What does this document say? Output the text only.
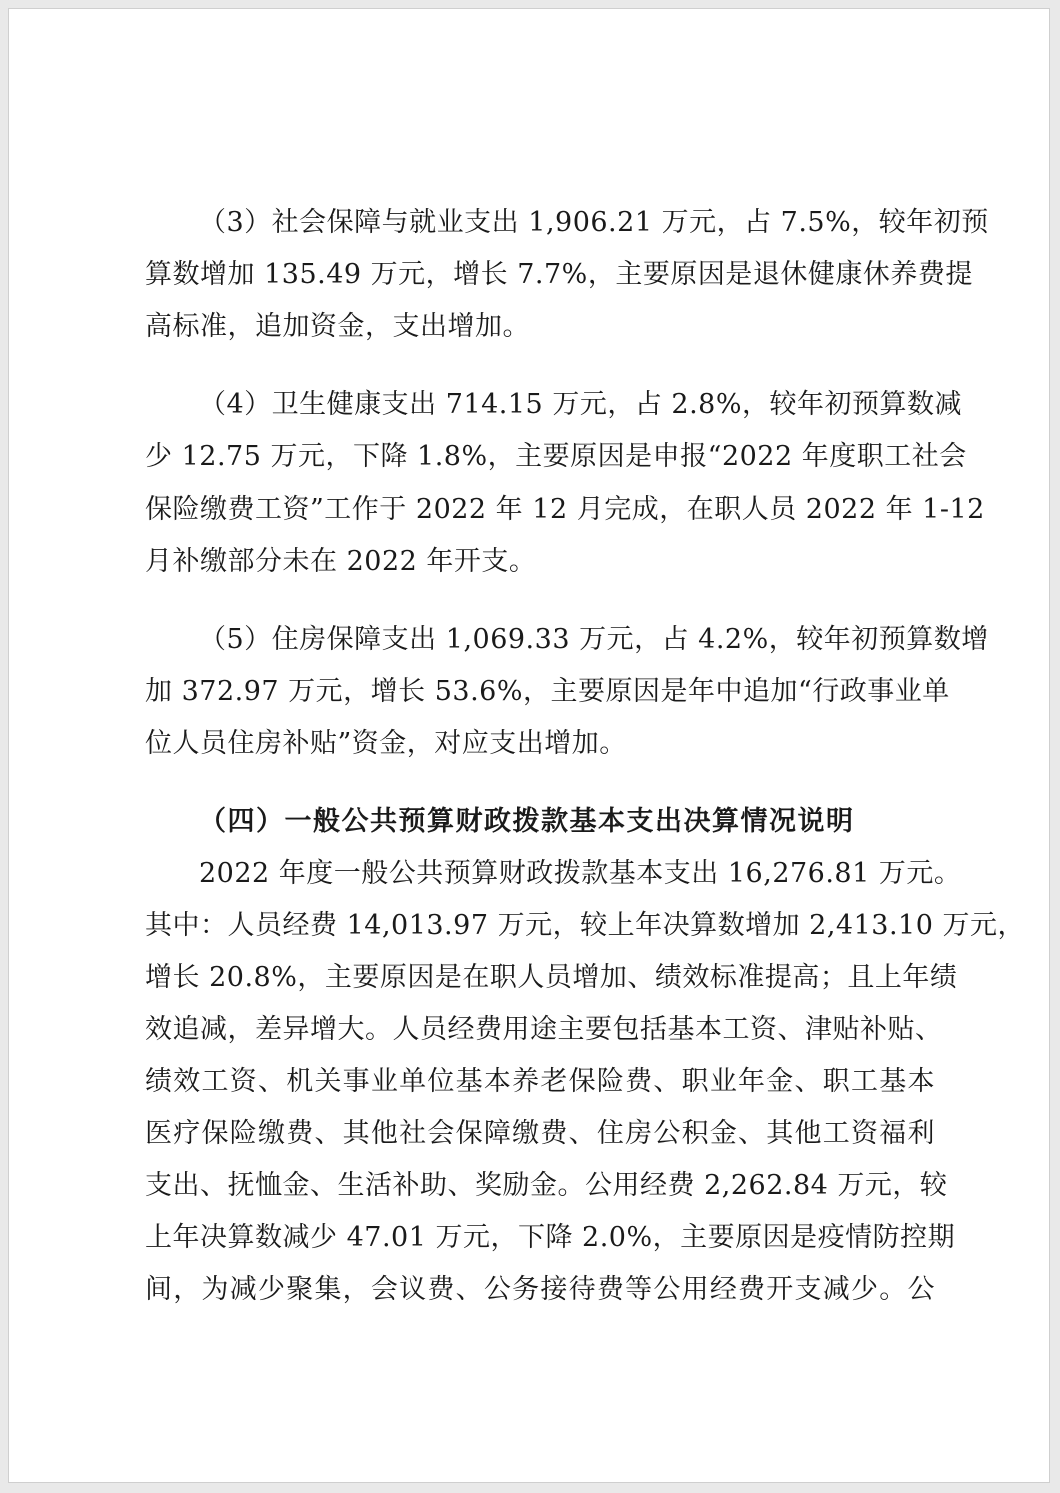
（3）社会保障与就业支出 1,906.21 万元，占 7.5%，较年初预
算数增加 135.49 万元，增长 7.7%，主要原因是退休健康休养费提
高标准，追加资金，支出增加。
（4）卫生健康支出 714.15 万元，占 2.8%，较年初预算数减
少 12.75 万元，下降 1.8%，主要原因是申报“2022 年度职工社会
保险缴费工资”工作于 2022 年 12 月完成，在职人员 2022 年 1-12
月补缴部分未在 2022 年开支。
（5）住房保障支出 1,069.33 万元，占 4.2%，较年初预算数增
加 372.97 万元，增长 53.6%，主要原因是年中追加“行政事业单
位人员住房补贴”资金，对应支出增加。
（四）一般公共预算财政拨款基本支出决算情况说明
2022 年度一般公共预算财政拨款基本支出 16,276.81 万元。
其中：人员经费 14,013.97 万元，较上年决算数增加 2,413.10 万元，
增长 20.8%，主要原因是在职人员增加、绩效标准提高；且上年绩
效追减，差异增大。人员经费用途主要包括基本工资、津贴补贴、
绩效工资、机关事业单位基本养老保险费、职业年金、职工基本
医疗保险缴费、其他社会保障缴费、住房公积金、其他工资福利
支出、抚恤金、生活补助、奖励金。公用经费 2,262.84 万元，较
上年决算数减少 47.01 万元，下降 2.0%，主要原因是疫情防控期
间，为减少聚集，会议费、公务接待费等公用经费开支减少。公
